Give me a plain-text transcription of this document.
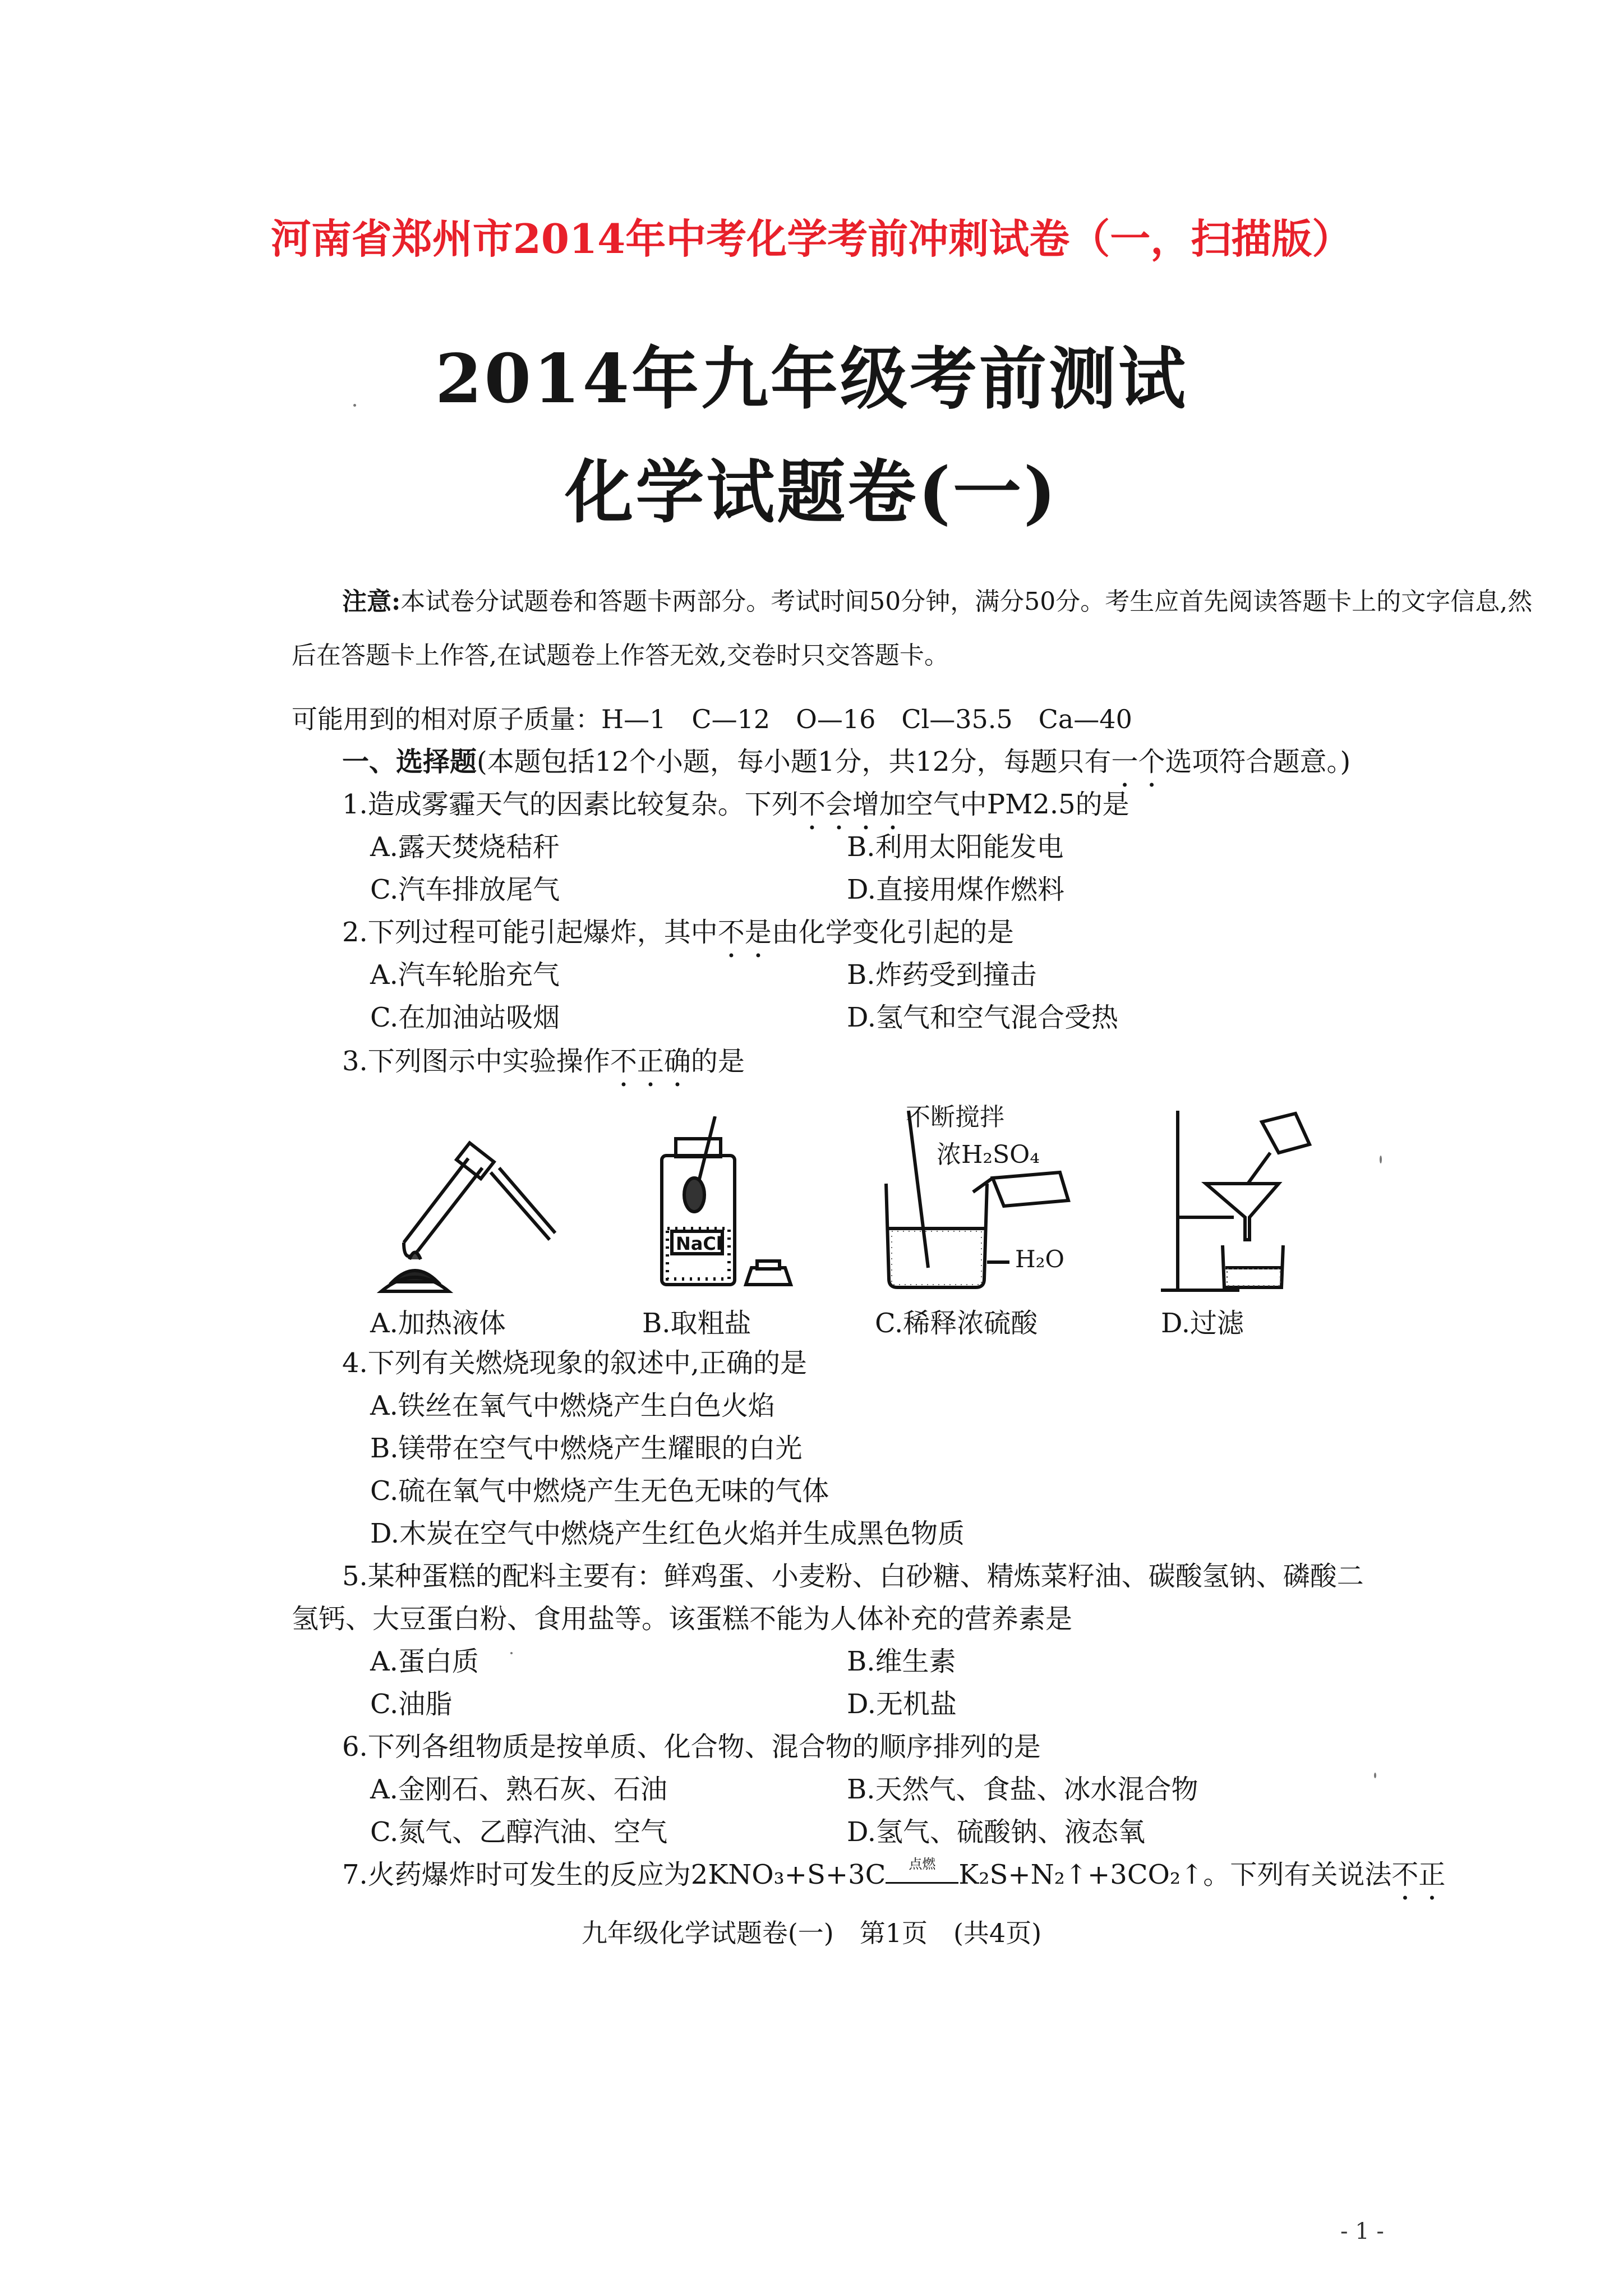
河南省郑州市2014年中考化学考前冲刺试卷（一，扫描版）
2014年九年级考前测试
化学试题卷(一)
注意:本试卷分试题卷和答题卡两部分。考试时间50分钟，满分50分。考生应首先阅读答题卡上的文字信息,然后在答题卡上作答,在试题卷上作答无效,交卷时只交答题卡。
可能用到的相对原子质量：H—1　C—12　O—16　Cl—35.5　Ca—40
一、选择题(本题包括12个小题，每小题1分，共12分，每题只有一个选项符合题意。)
1.造成雾霾天气的因素比较复杂。下列不会增加空气中PM2.5的是
A.露天焚烧秸秆	B.利用太阳能发电
C.汽车排放尾气	D.直接用煤作燃料
2.下列过程可能引起爆炸，其中不是由化学变化引起的是
A.汽车轮胎充气	B.炸药受到撞击
C.在加油站吸烟	D.氢气和空气混合受热
3.下列图示中实验操作不正确的是
A.加热液体
NaCl
B.取粗盐
不断搅拌
浓H₂SO₄
H₂O
C.稀释浓硫酸	D.过滤
4.下列有关燃烧现象的叙述中,正确的是
A.铁丝在氧气中燃烧产生白色火焰
B.镁带在空气中燃烧产生耀眼的白光
C.硫在氧气中燃烧产生无色无味的气体
D.木炭在空气中燃烧产生红色火焰并生成黑色物质
5.某种蛋糕的配料主要有：鲜鸡蛋、小麦粉、白砂糖、精炼菜籽油、碳酸氢钠、磷酸二
氢钙、大豆蛋白粉、食用盐等。该蛋糕不能为人体补充的营养素是
A.蛋白质	B.维生素
C.油脂	D.无机盐
6.下列各组物质是按单质、化合物、混合物的顺序排列的是
A.金刚石、熟石灰、石油	B.天然气、食盐、冰水混合物
C.氮气、乙醇汽油、空气	D.氢气、硫酸钠、液态氧
7.火药爆炸时可发生的反应为2KNO₃+S+3C	点燃 K₂S+N₂↑+3CO₂↑。下列有关说法不正
九年级化学试题卷(一)　第1页　(共4页)
- 1 -
